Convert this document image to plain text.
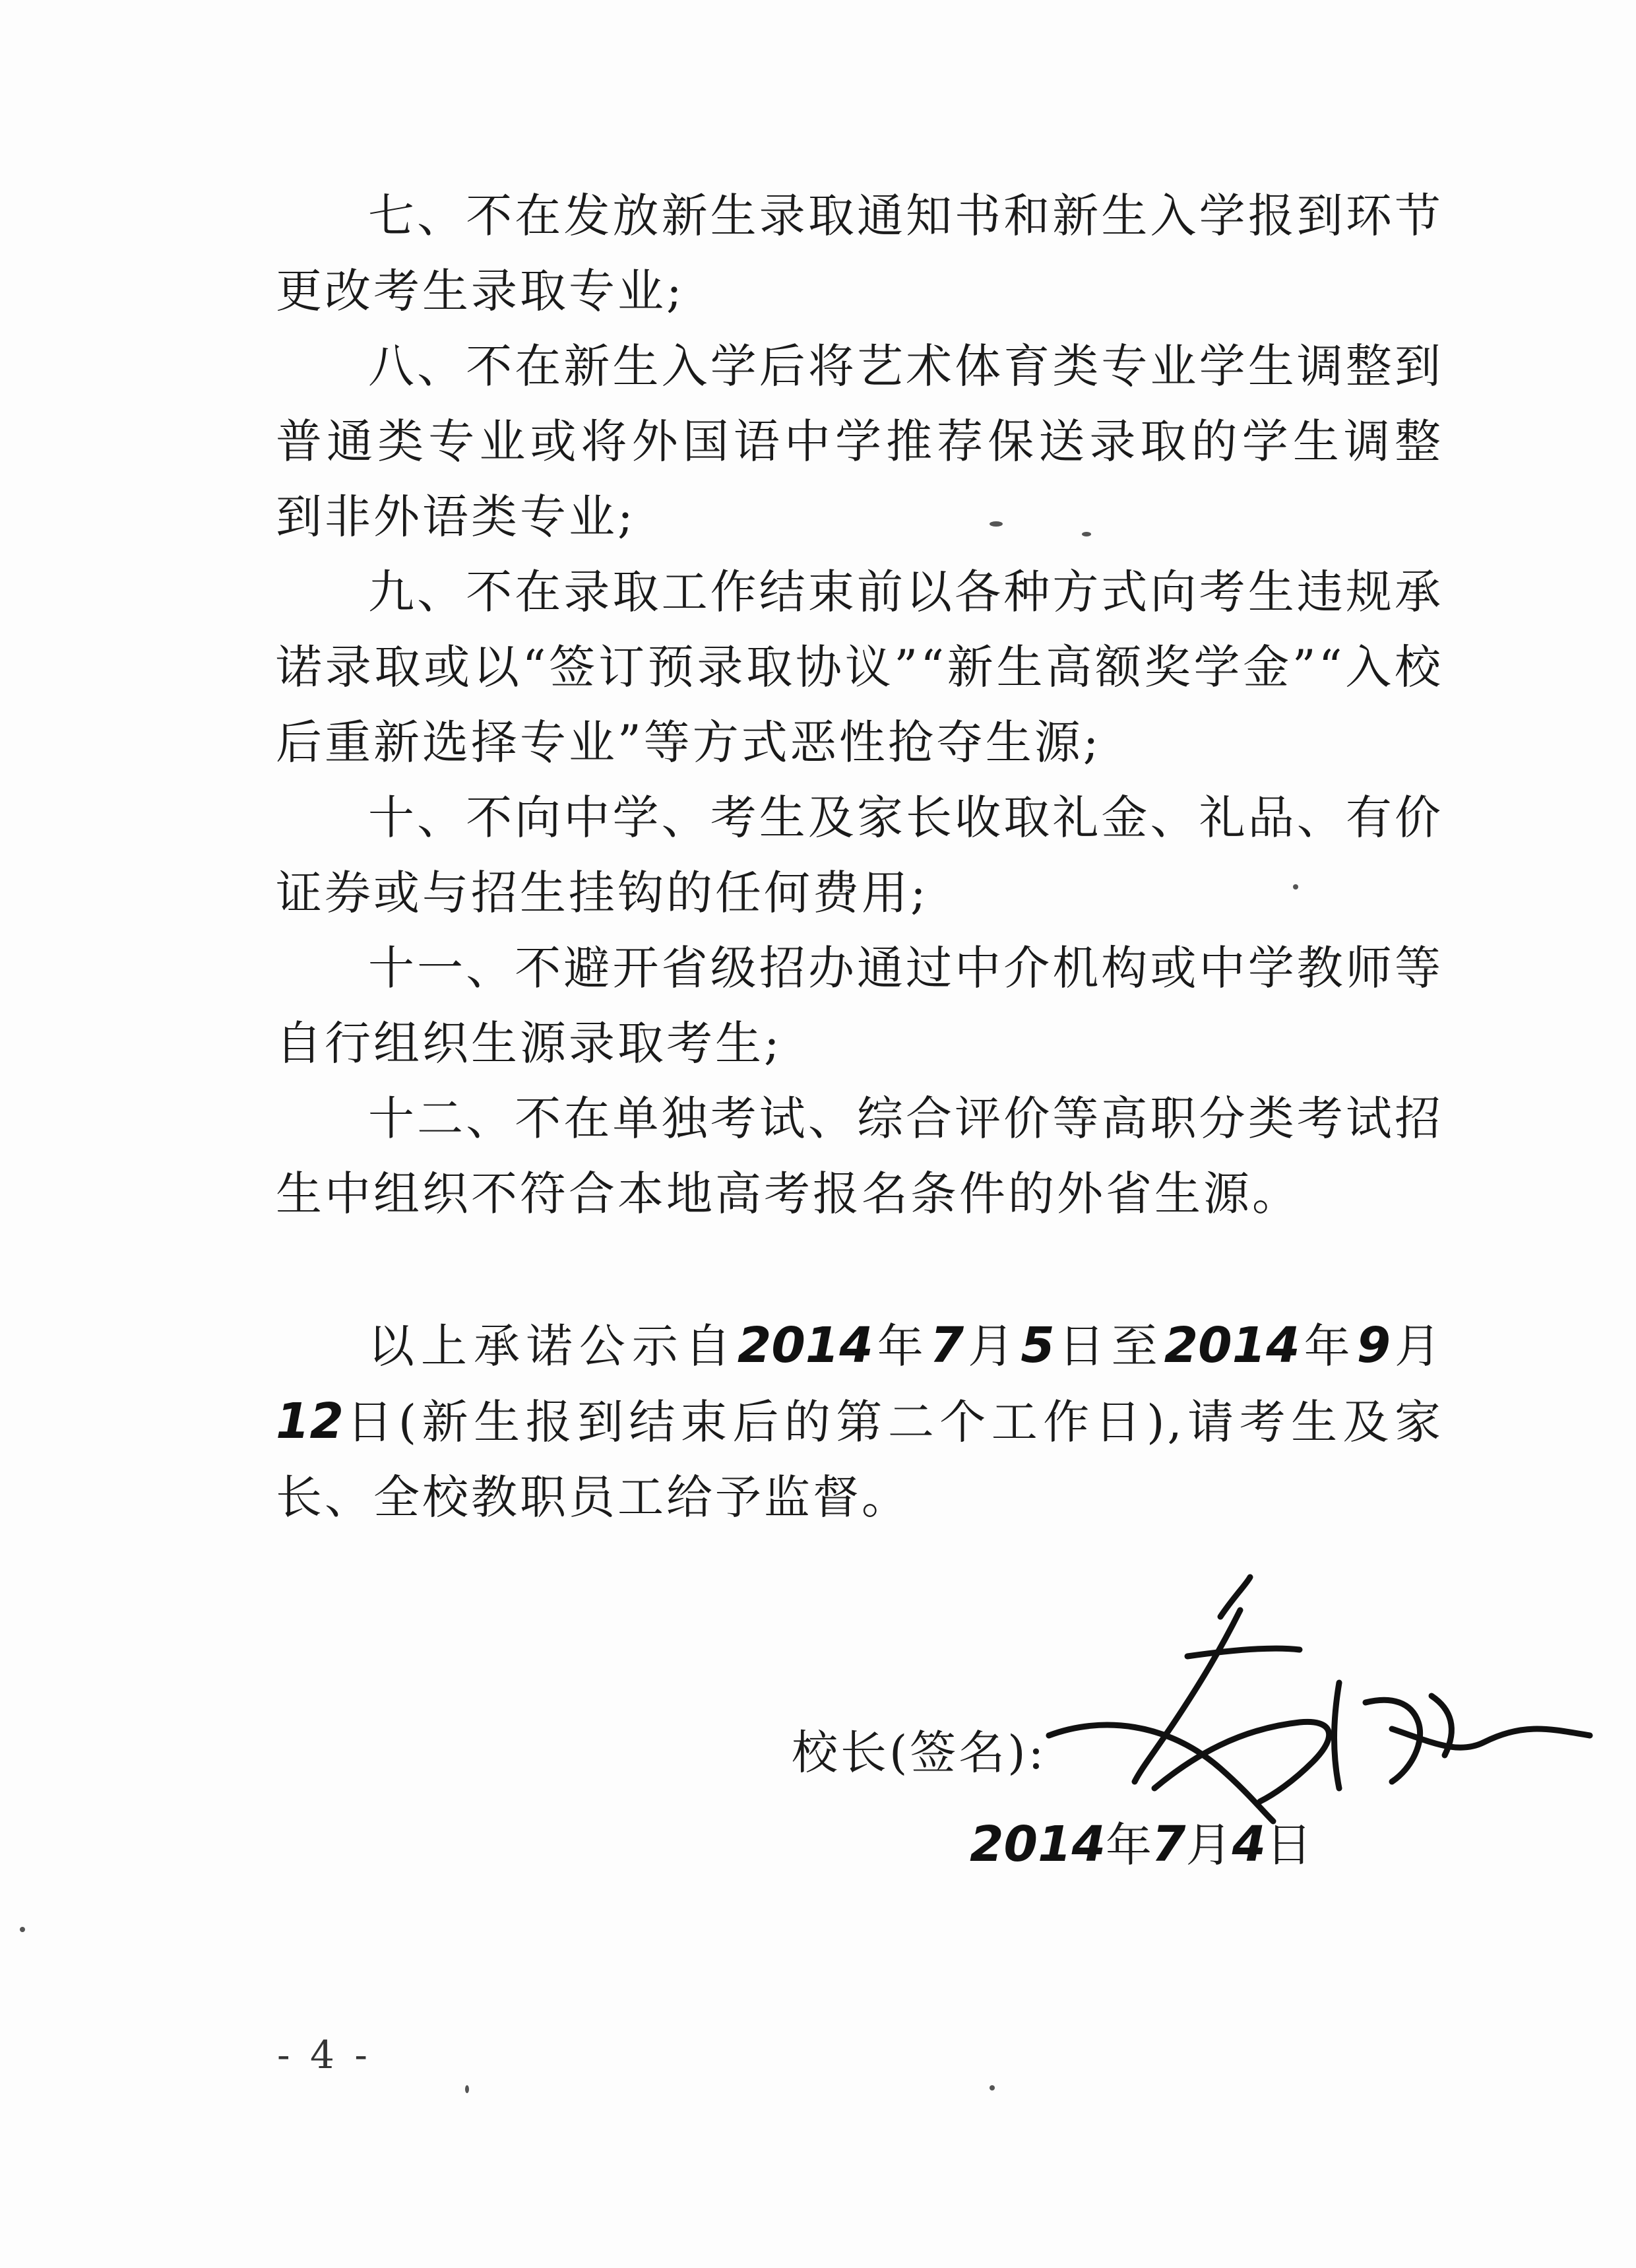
七、不在发放新生录取通知书和新生入学报到环节更改考生录取专业;

八、不在新生入学后将艺术体育类专业学生调整到普通类专业或将外国语中学推荐保送录取的学生调整到非外语类专业;

九、不在录取工作结束前以各种方式向考生违规承诺录取或以“签订预录取协议”“新生高额奖学金”“入校后重新选择专业”等方式恶性抢夺生源;

十、不向中学、考生及家长收取礼金、礼品、有价证券或与招生挂钩的任何费用;

十一、不避开省级招办通过中介机构或中学教师等自行组织生源录取考生;

十二、不在单独考试、综合评价等高职分类考试招生中组织不符合本地高考报名条件的外省生源。

以上承诺公示自2014年7月5日至2014年9月12日(新生报到结束后的第二个工作日),请考生及家长、全校教职员工给予监督。

校长(签名):
2014年7月4日
- 4 -
